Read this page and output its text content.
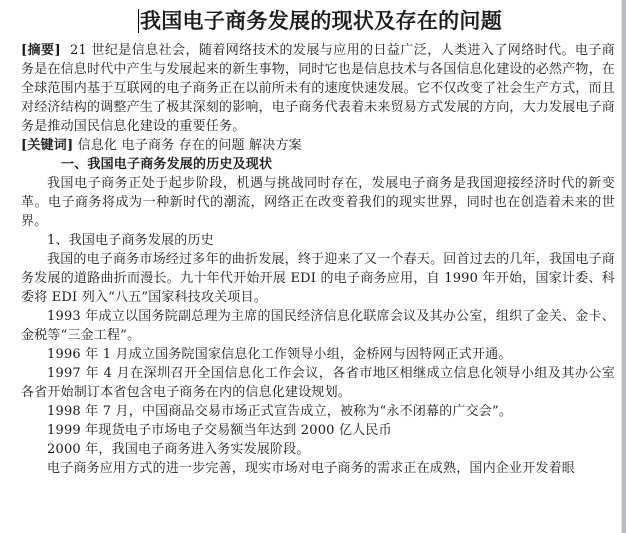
我国电子商务发展的现状及存在的问题

[摘要] 21 世纪是信息社会，随着网络技术的发展与应用的日益广泛，人类进入了网络时代。电子商务是在信息时代中产生与发展起来的新生事物，同时它也是信息技术与各国信息化建设的必然产物，在全球范围内基于互联网的电子商务正在以前所未有的速度快速发展。它不仅改变了社会生产方式，而且对经济结构的调整产生了极其深刻的影响，电子商务代表着未来贸易方式发展的方向，大力发展电子商务是推动国民信息化建设的重要任务。

[关键词] 信息化 电子商务 存在的问题 解决方案

一、我国电子商务发展的历史及现状

我国电子商务正处于起步阶段，机遇与挑战同时存在，发展电子商务是我国迎接经济时代的新变革。电子商务将成为一种新时代的潮流，网络正在改变着我们的现实世界，同时也在创造着未来的世界。

1、我国电子商务发展的历史

我国的电子商务市场经过多年的曲折发展，终于迎来了又一个春天。回首过去的几年，我国电子商务发展的道路曲折而漫长。九十年代开始开展 EDI 的电子商务应用，自 1990 年开始，国家计委、科委将 EDI 列入“八五”国家科技攻关项目。

1993 年成立以国务院副总理为主席的国民经济信息化联席会议及其办公室，组织了金关、金卡、金税等“三金工程”。

1996 年 1 月成立国务院国家信息化工作领导小组，金桥网与因特网正式开通。

1997 年 4 月在深圳召开全国信息化工作会议，各省市地区相继成立信息化领导小组及其办公室各省开始制订本省包含电子商务在内的信息化建设规划。

1998 年 7 月，中国商品交易市场正式宣告成立，被称为“永不闭幕的广交会”。

1999 年现货电子市场电子交易额当年达到 2000 亿人民币

2000 年，我国电子商务进入务实发展阶段。

电子商务应用方式的进一步完善，现实市场对电子商务的需求正在成熟，国内企业开发着眼
